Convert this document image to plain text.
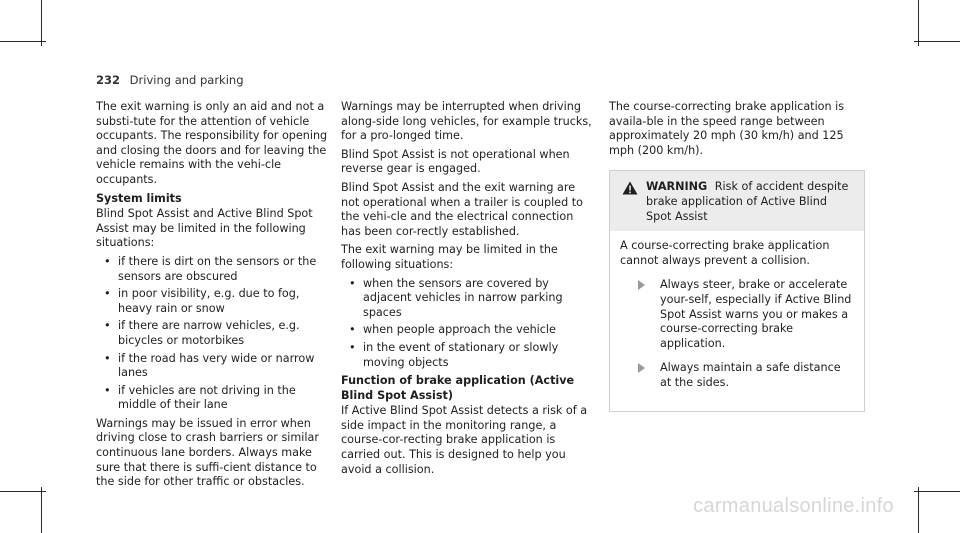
232 Driving and parking

The exit warning is only an aid and not a substi-tute for the attention of vehicle occupants. The responsibility for opening and closing the doors and for leaving the vehicle remains with the vehi-cle occupants.

System limits

Blind Spot Assist and Active Blind Spot Assist may be limited in the following situations:

• if there is dirt on the sensors or the sensors are obscured
• in poor visibility, e.g. due to fog, heavy rain or snow
• if there are narrow vehicles, e.g. bicycles or motorbikes
• if the road has very wide or narrow lanes
• if vehicles are not driving in the middle of their lane

Warnings may be issued in error when driving close to crash barriers or similar continuous lane borders. Always make sure that there is suffi-cient distance to the side for other traffic or obstacles.

Warnings may be interrupted when driving along-side long vehicles, for example trucks, for a pro-longed time.

Blind Spot Assist is not operational when reverse gear is engaged.

Blind Spot Assist and the exit warning are not operational when a trailer is coupled to the vehi-cle and the electrical connection has been cor-rectly established.

The exit warning may be limited in the following situations:

• when the sensors are covered by adjacent vehicles in narrow parking spaces
• when people approach the vehicle
• in the event of stationary or slowly moving objects
Function of brake application (Active Blind Spot Assist)

If Active Blind Spot Assist detects a risk of a side impact in the monitoring range, a course-cor-recting brake application is carried out. This is designed to help you avoid a collision.

The course-correcting brake application is availa-ble in the speed range between approximately 20 mph (30 km/h) and 125 mph (200 km/h).

WARNING Risk of accident despite brake application of Active Blind Spot Assist

A course-correcting brake application cannot always prevent a collision.

Always steer, brake or accelerate your-self, especially if Active Blind Spot Assist warns you or makes a course-correcting brake application.
Always maintain a safe distance at the sides.
carmanualsonline.info
